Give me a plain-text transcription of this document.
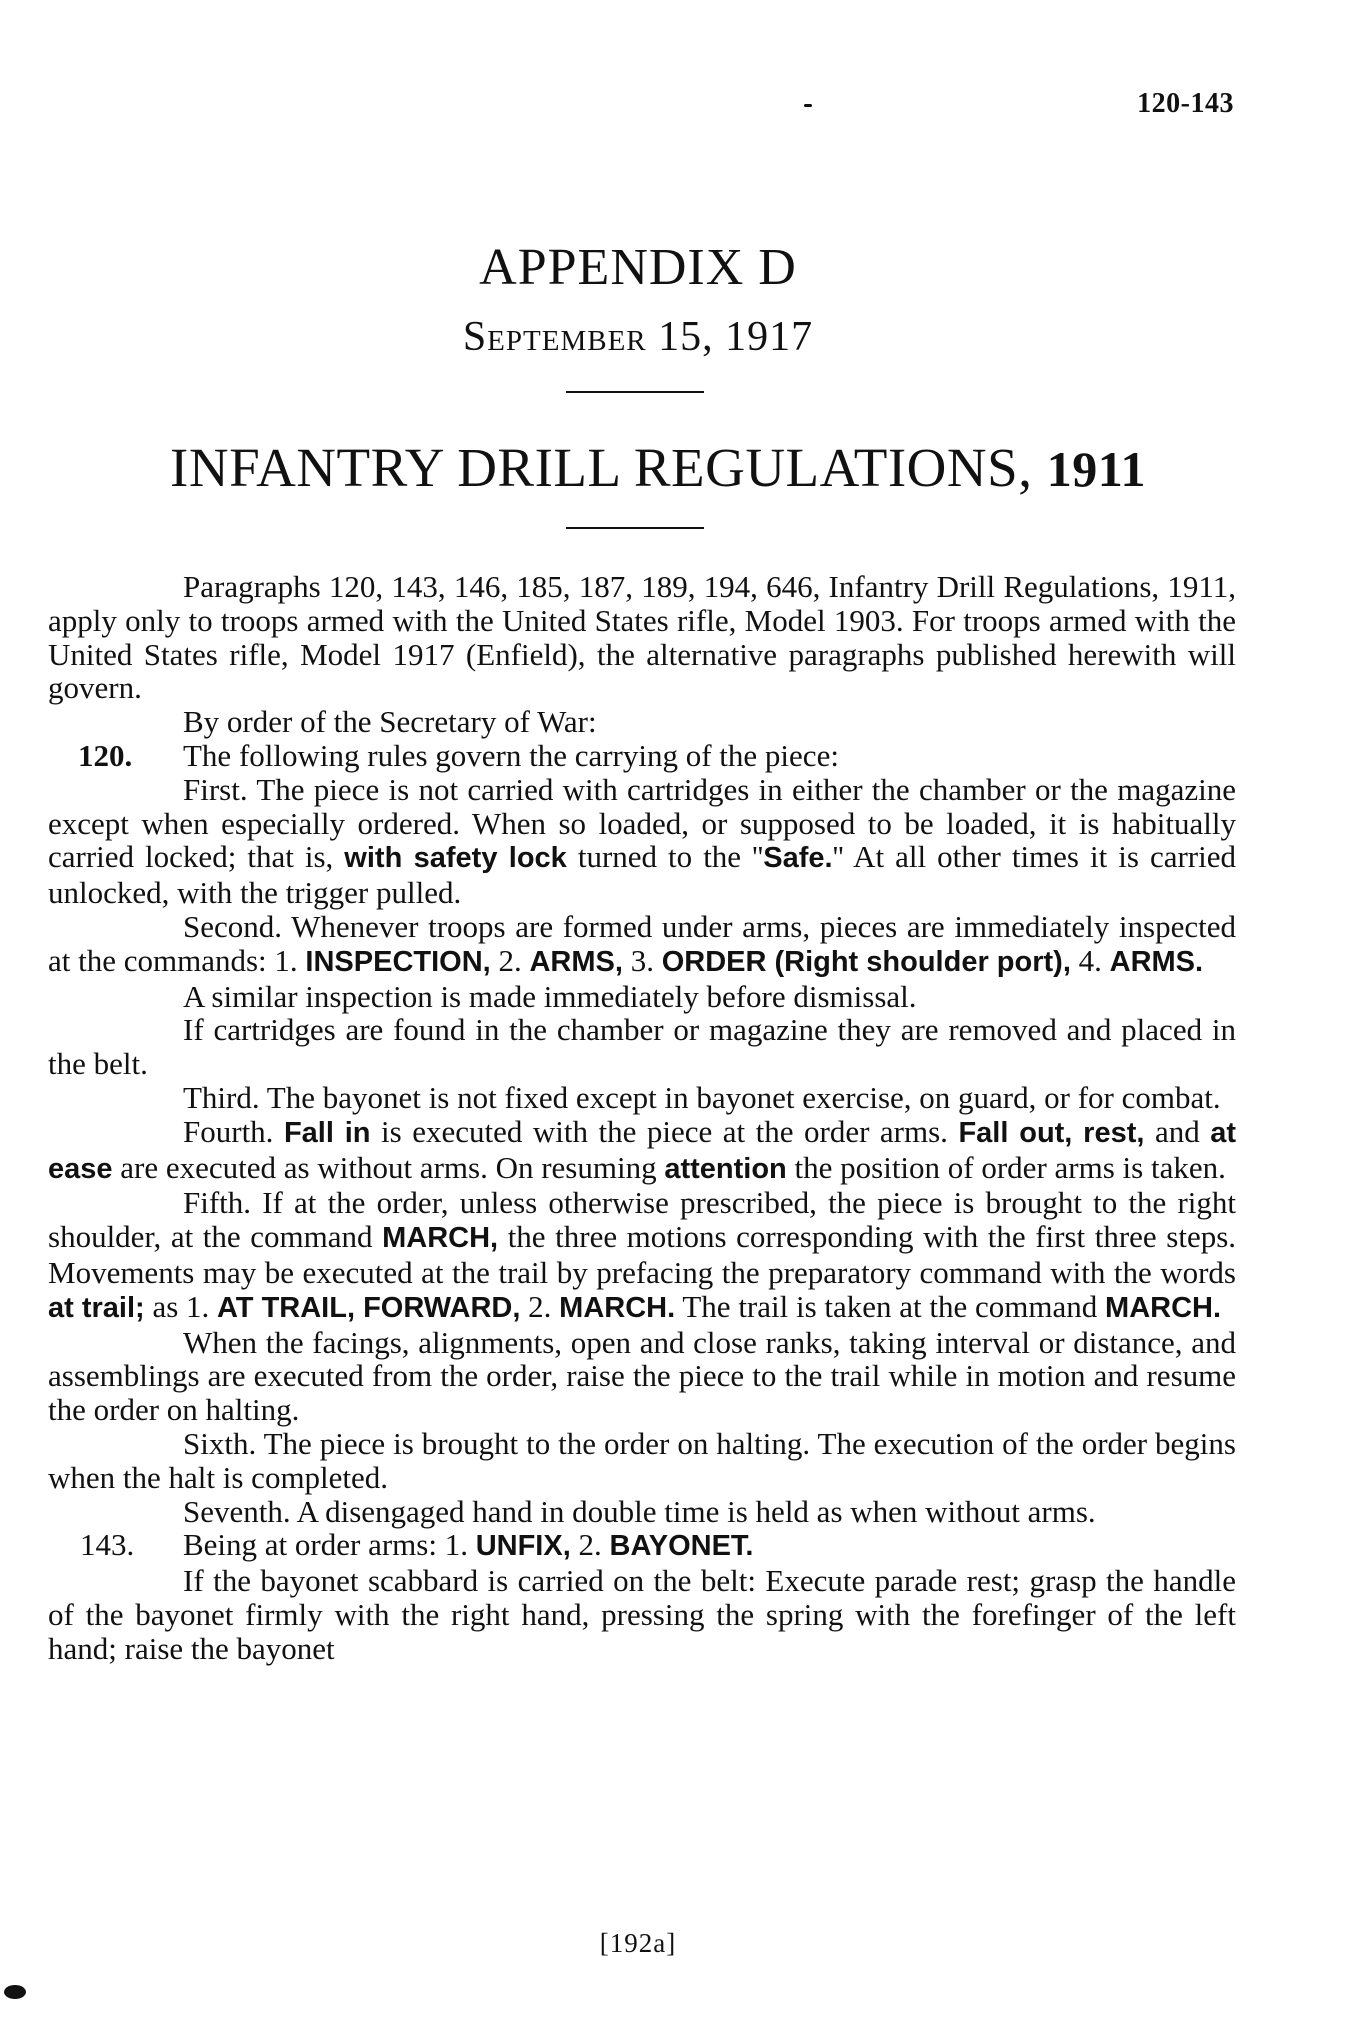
120-143
APPENDIX D
September 15, 1917
INFANTRY DRILL REGULATIONS, 1911

Paragraphs 120, 143, 146, 185, 187, 189, 194, 646, Infantry Drill Regulations, 1911, apply only to troops armed with the United States rifle, Model 1903. For troops armed with the United States rifle, Model 1917 (Enfield), the alternative paragraphs published herewith will govern.

By order of the Secretary of War:

120. The following rules govern the carrying of the piece:

First. The piece is not carried with cartridges in either the chamber or the magazine except when especially ordered. When so loaded, or supposed to be loaded, it is habitually carried locked; that is, with safety lock turned to the ''Safe.'' At all other times it is carried unlocked, with the trigger pulled.

Second. Whenever troops are formed under arms, pieces are immediately inspected at the commands: 1. INSPECTION, 2. ARMS, 3. ORDER (Right shoulder port), 4. ARMS.

A similar inspection is made immediately before dismissal.

If cartridges are found in the chamber or magazine they are removed and placed in the belt.

Third. The bayonet is not fixed except in bayonet exercise, on guard, or for combat.

Fourth. Fall in is executed with the piece at the order arms. Fall out, rest, and at ease are executed as without arms. On resuming attention the position of order arms is taken.

Fifth. If at the order, unless otherwise prescribed, the piece is brought to the right shoulder, at the command MARCH, the three motions corresponding with the first three steps. Movements may be executed at the trail by prefacing the preparatory command with the words at trail; as 1. AT TRAIL, FORWARD, 2. MARCH. The trail is taken at the command MARCH.

When the facings, alignments, open and close ranks, taking interval or distance, and assemblings are executed from the order, raise the piece to the trail while in motion and resume the order on halting.

Sixth. The piece is brought to the order on halting. The execution of the order begins when the halt is completed.

Seventh. A disengaged hand in double time is held as when without arms.

143. Being at order arms: 1. UNFIX, 2. BAYONET.

If the bayonet scabbard is carried on the belt: Execute parade rest; grasp the handle of the bayonet firmly with the right hand, pressing the spring with the forefinger of the left hand; raise the bayonet

[192a]
